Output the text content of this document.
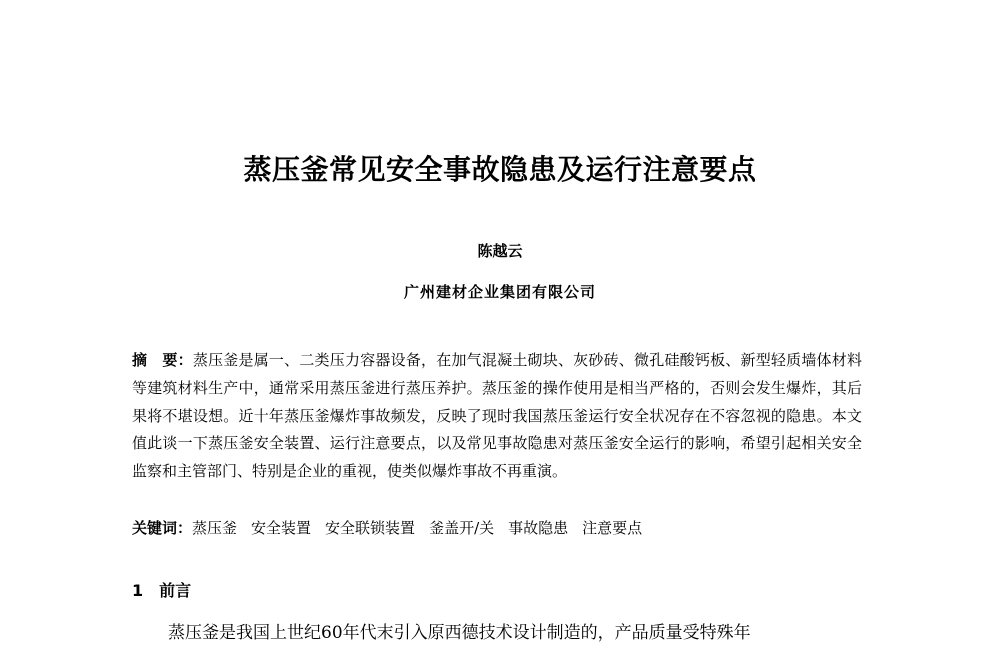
蒸压釜常见安全事故隐患及运行注意要点
陈越云
广州建材企业集团有限公司
摘　要：蒸压釜是属一、二类压力容器设备，在加气混凝土砌块、灰砂砖、微孔硅酸钙板、新型轻质墙体材料等建筑材料生产中，通常采用蒸压釜进行蒸压养护。蒸压釜的操作使用是相当严格的，否则会发生爆炸，其后果将不堪设想。近十年蒸压釜爆炸事故频发，反映了现时我国蒸压釜运行安全状况存在不容忽视的隐患。本文值此谈一下蒸压釜安全装置、运行注意要点，以及常见事故隐患对蒸压釜安全运行的影响，希望引起相关安全监察和主管部门、特别是企业的重视，使类似爆炸事故不再重演。
关键词：蒸压釜 安全装置 安全联锁装置 釜盖开/关 事故隐患 注意要点
1 前言
蒸压釜是我国上世纪60年代末引入原西德技术设计制造的，产品质量受特殊年
